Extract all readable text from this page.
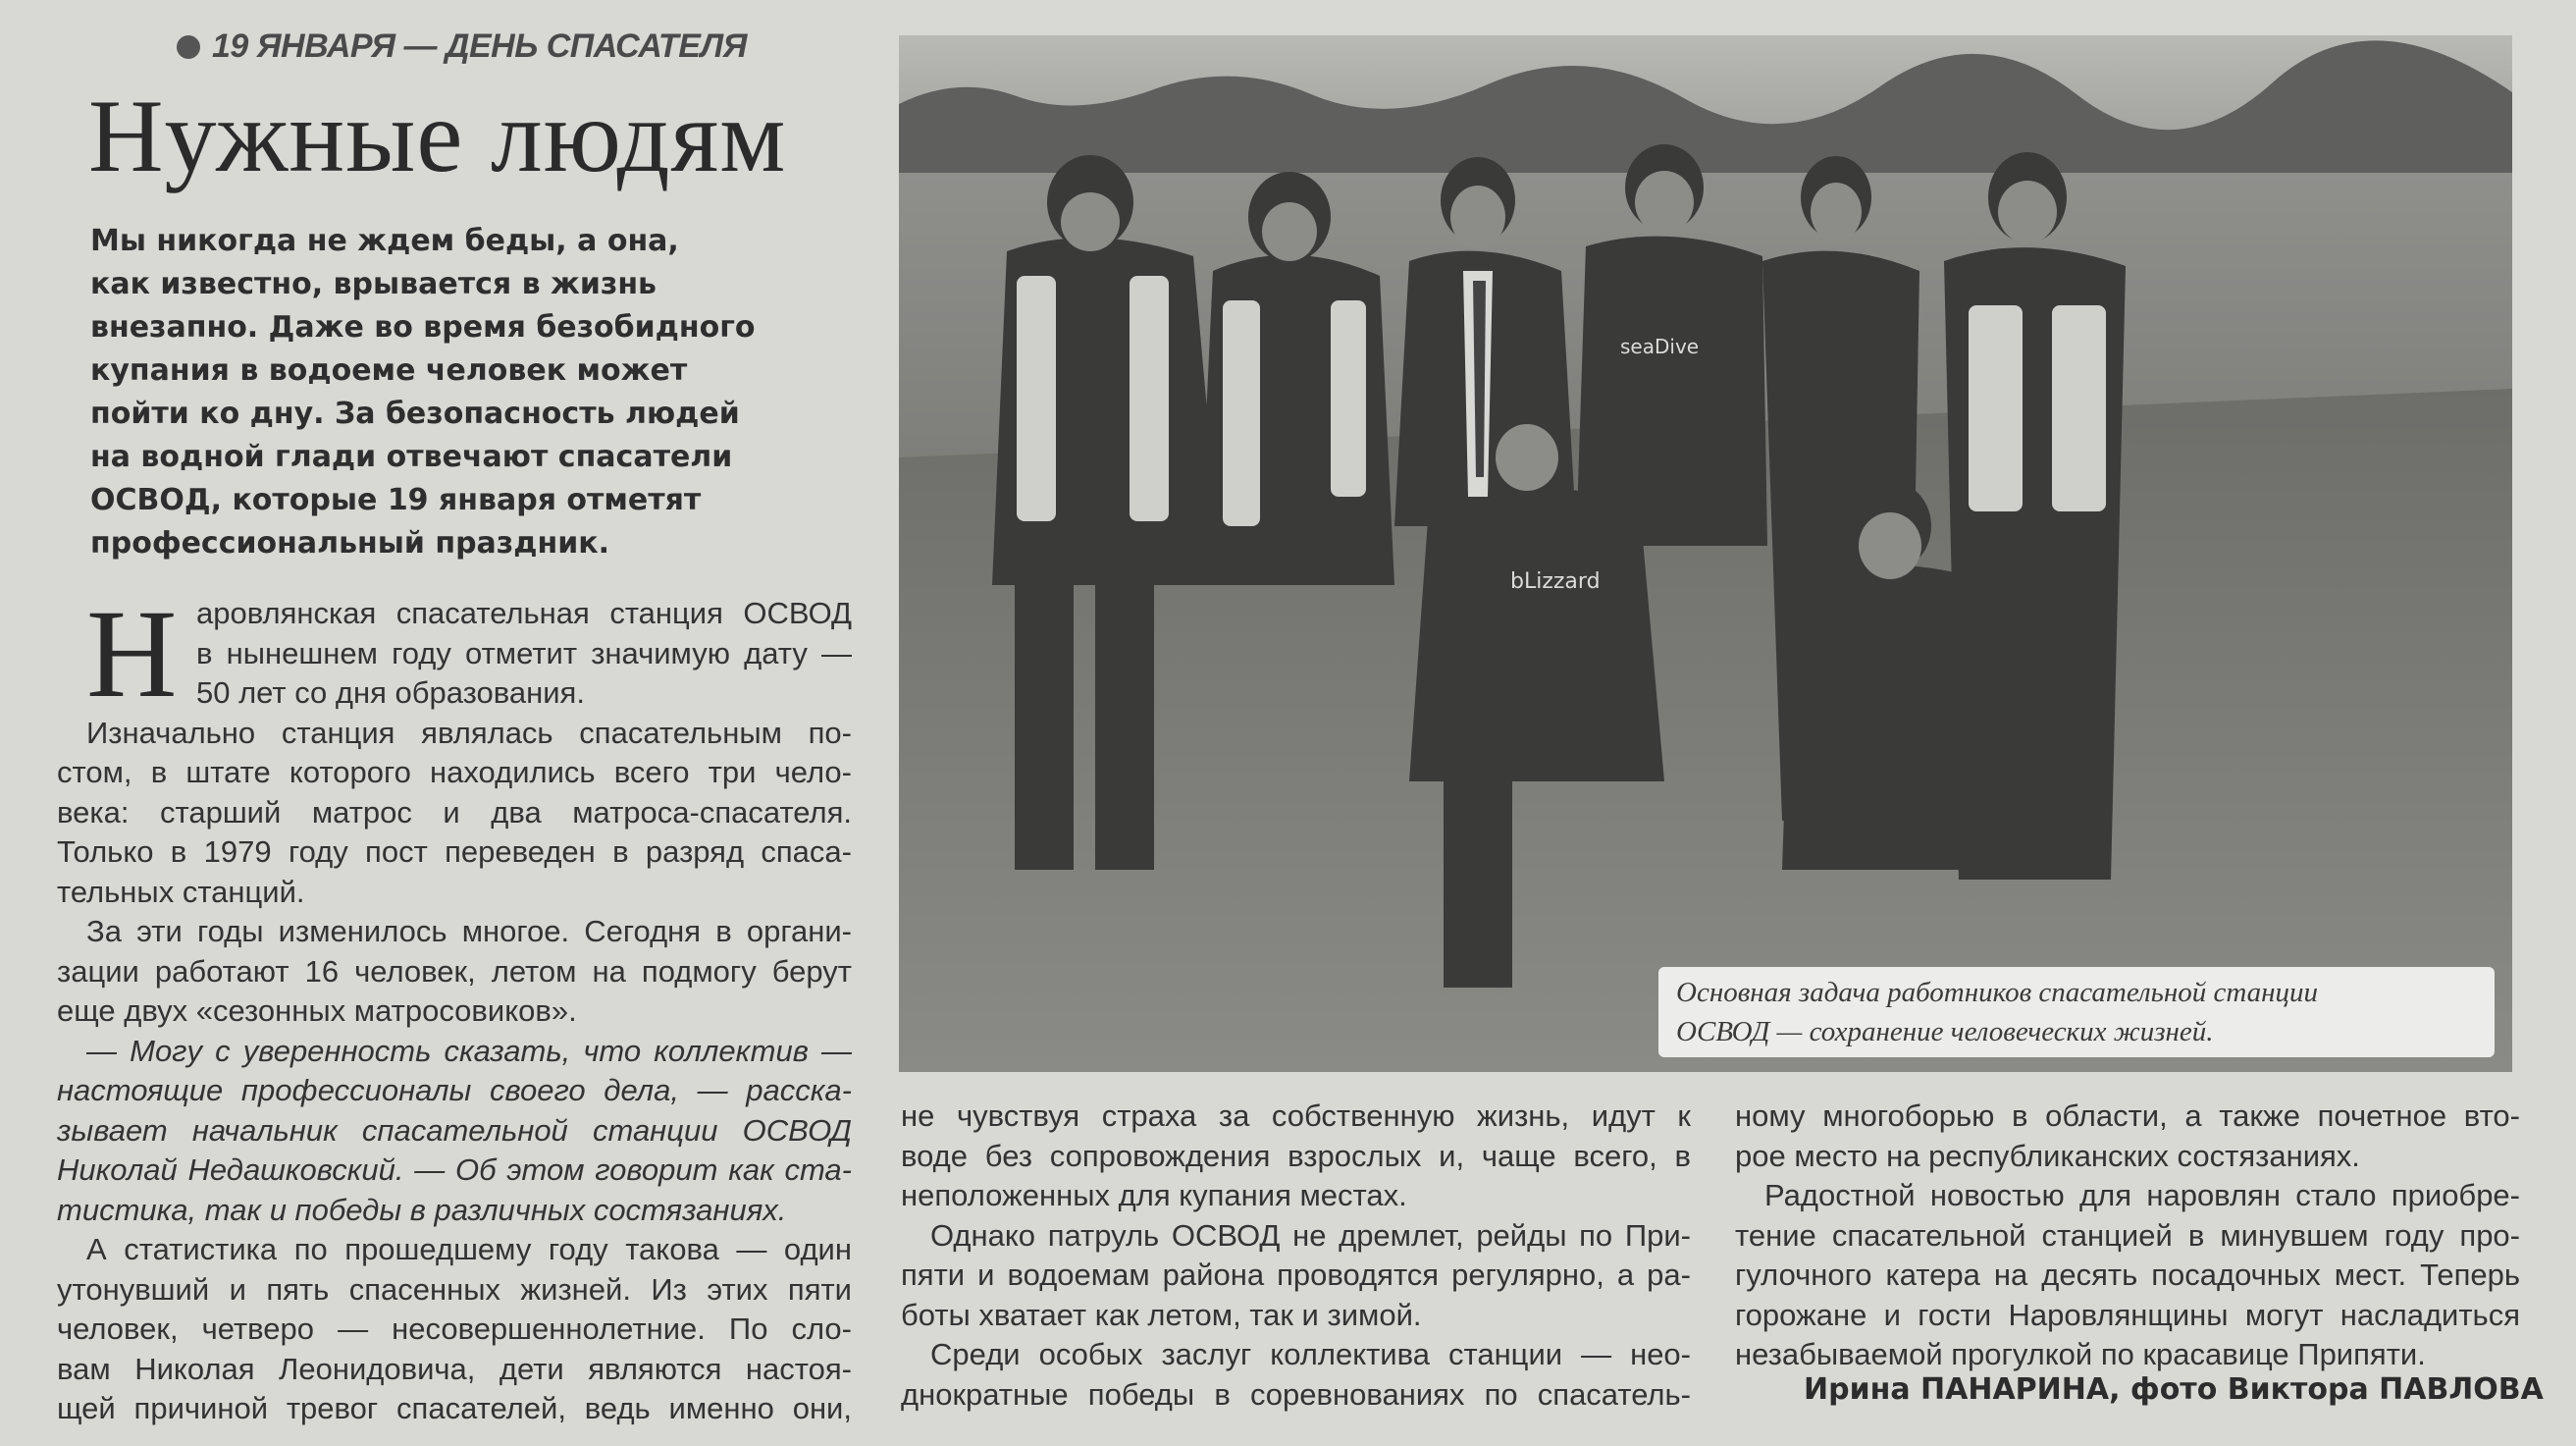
19 ЯНВАРЯ — ДЕНЬ СПАСАТЕЛЯ
Нужные людям
Мы никогда не ждем беды, а она,
как известно, врывается в жизнь
внезапно. Даже во время безобидного
купания в водоеме человек может
пойти ко дну. За безопасность людей
на водной глади отвечают спасатели
ОСВОД, которые 19 января отметят
профессиональный праздник.
Н аровлянская спасательная станция ОСВОД
в нынешнем году отметит значимую дату —
50 лет со дня образования.
Изначально станция являлась спасательным по-
стом, в штате которого находились всего три чело-
века: старший матрос и два матроса-спасателя.
Только в 1979 году пост переведен в разряд спаса-
тельных станций.
За эти годы изменилось многое. Сегодня в органи-
зации работают 16 человек, летом на подмогу берут
еще двух «сезонных матросовиков».
— Могу с уверенность сказать, что коллектив —
настоящие профессионалы своего дела, — расска-
зывает начальник спасательной станции ОСВОД
Николай Недашковский. — Об этом говорит как ста-
тистика, так и победы в различных состязаниях.
А статистика по прошедшему году такова — один
утонувший и пять спасенных жизней. Из этих пяти
человек, четверо — несовершеннолетние. По сло-
вам Николая Леонидовича, дети являются настоя-
щей причиной тревог спасателей, ведь именно они,
bLizzard
seaDive
Основная задача работников спасательной станции
ОСВОД — сохранение человеческих жизней.
не чувствуя страха за собственную жизнь, идут к
воде без сопровождения взрослых и, чаще всего, в
неположенных для купания местах.
Однако патруль ОСВОД не дремлет, рейды по При-
пяти и водоемам района проводятся регулярно, а ра-
боты хватает как летом, так и зимой.
Среди особых заслуг коллектива станции — нео-
днократные победы в соревнованиях по спасатель-
ному многоборью в области, а также почетное вто-
рое место на республиканских состязаниях.
Радостной новостью для наровлян стало приобре-
тение спасательной станцией в минувшем году про-
гулочного катера на десять посадочных мест. Теперь
горожане и гости Наровлянщины могут насладиться
незабываемой прогулкой по красавице Припяти.
Ирина ПАНАРИНА, фото Виктора ПАВЛОВА
